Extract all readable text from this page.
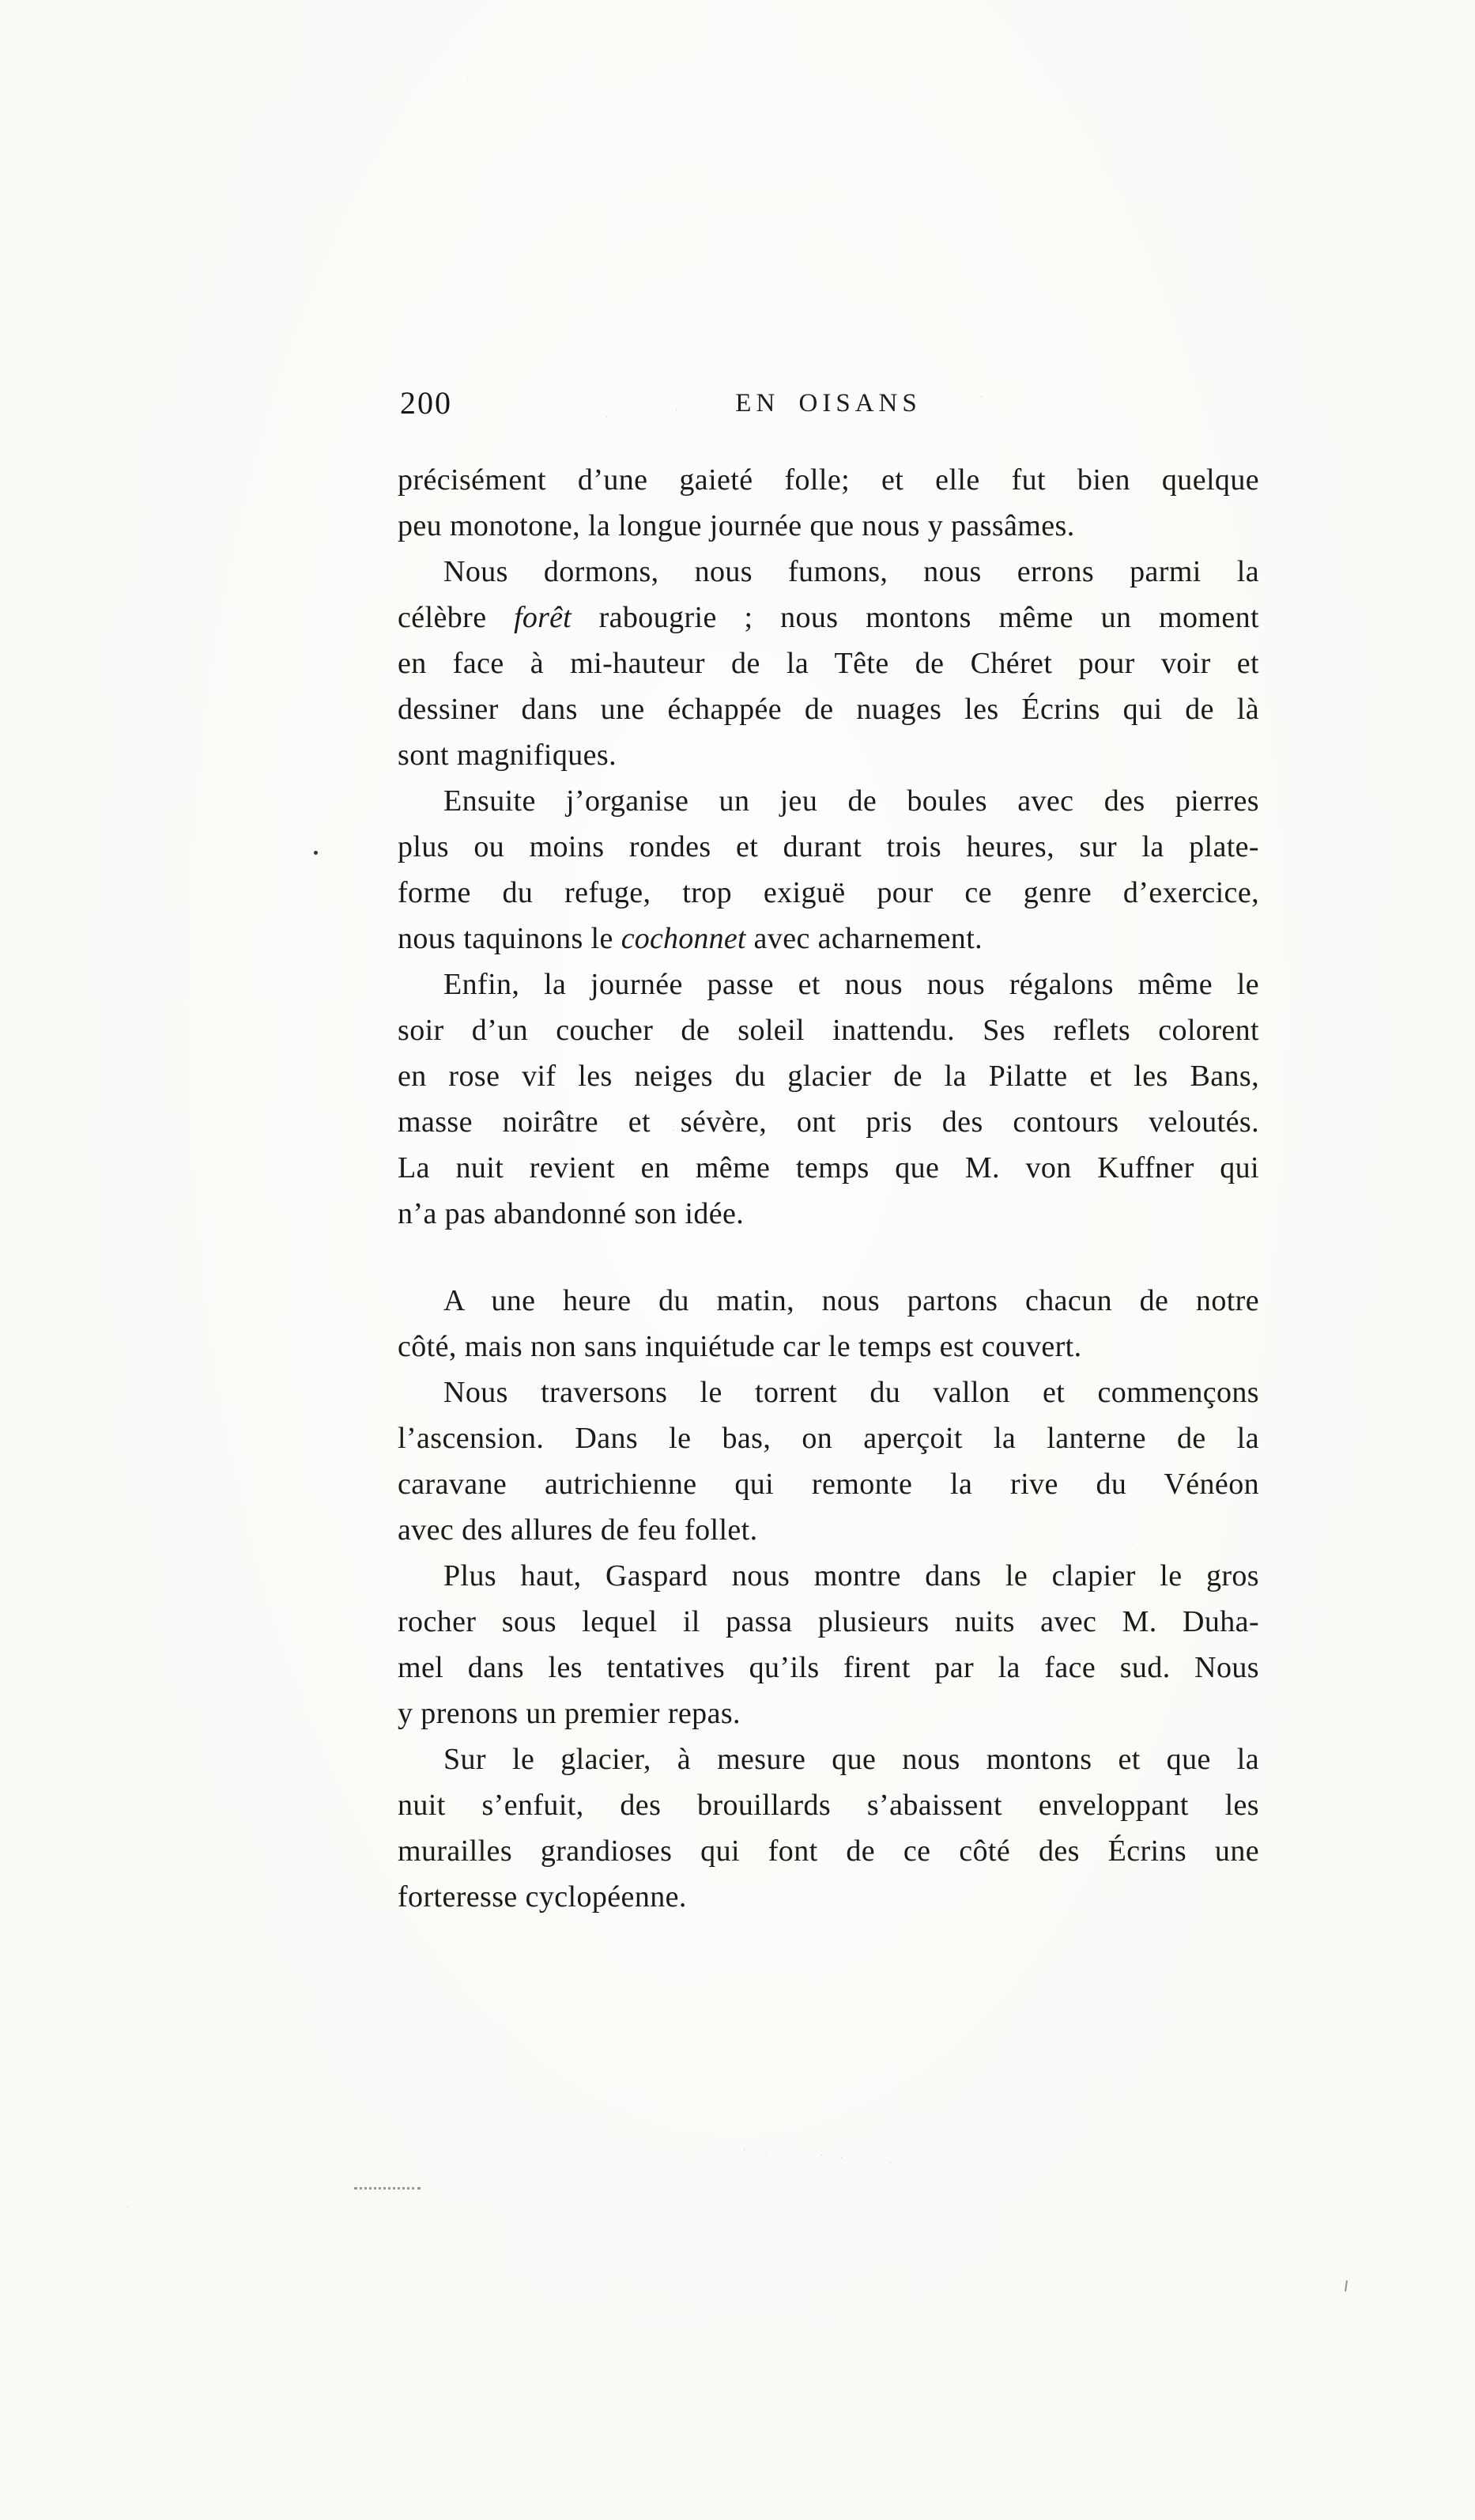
200	EN OISANS
précisément d’une gaieté folle; et elle fut bien quelque
peu monotone, la longue journée que nous y passâmes.
Nous dormons, nous fumons, nous errons parmi la
célèbre forêt rabougrie ; nous montons même un moment
en face à mi-hauteur de la Tête de Chéret pour voir et
dessiner dans une échappée de nuages les Écrins qui de là
sont magnifiques.
Ensuite j’organise un jeu de boules avec des pierres
plus ou moins rondes et durant trois heures, sur la plate-
forme du refuge, trop exiguë pour ce genre d’exercice,
nous taquinons le cochonnet avec acharnement.
Enfin, la journée passe et nous nous régalons même le
soir d’un coucher de soleil inattendu. Ses reflets colorent
en rose vif les neiges du glacier de la Pilatte et les Bans,
masse noirâtre et sévère, ont pris des contours veloutés.
La nuit revient en même temps que M. von Kuffner qui
n’a pas abandonné son idée.
A une heure du matin, nous partons chacun de notre
côté, mais non sans inquiétude car le temps est couvert.
Nous traversons le torrent du vallon et commençons
l’ascension. Dans le bas, on aperçoit la lanterne de la
caravane autrichienne qui remonte la rive du Vénéon
avec des allures de feu follet.
Plus haut, Gaspard nous montre dans le clapier le gros
rocher sous lequel il passa plusieurs nuits avec M. Duha-
mel dans les tentatives qu’ils firent par la face sud. Nous
y prenons un premier repas.
Sur le glacier, à mesure que nous montons et que la
nuit s’enfuit, des brouillards s’abaissent enveloppant les
murailles grandioses qui font de ce côté des Écrins une
forteresse cyclopéenne.
